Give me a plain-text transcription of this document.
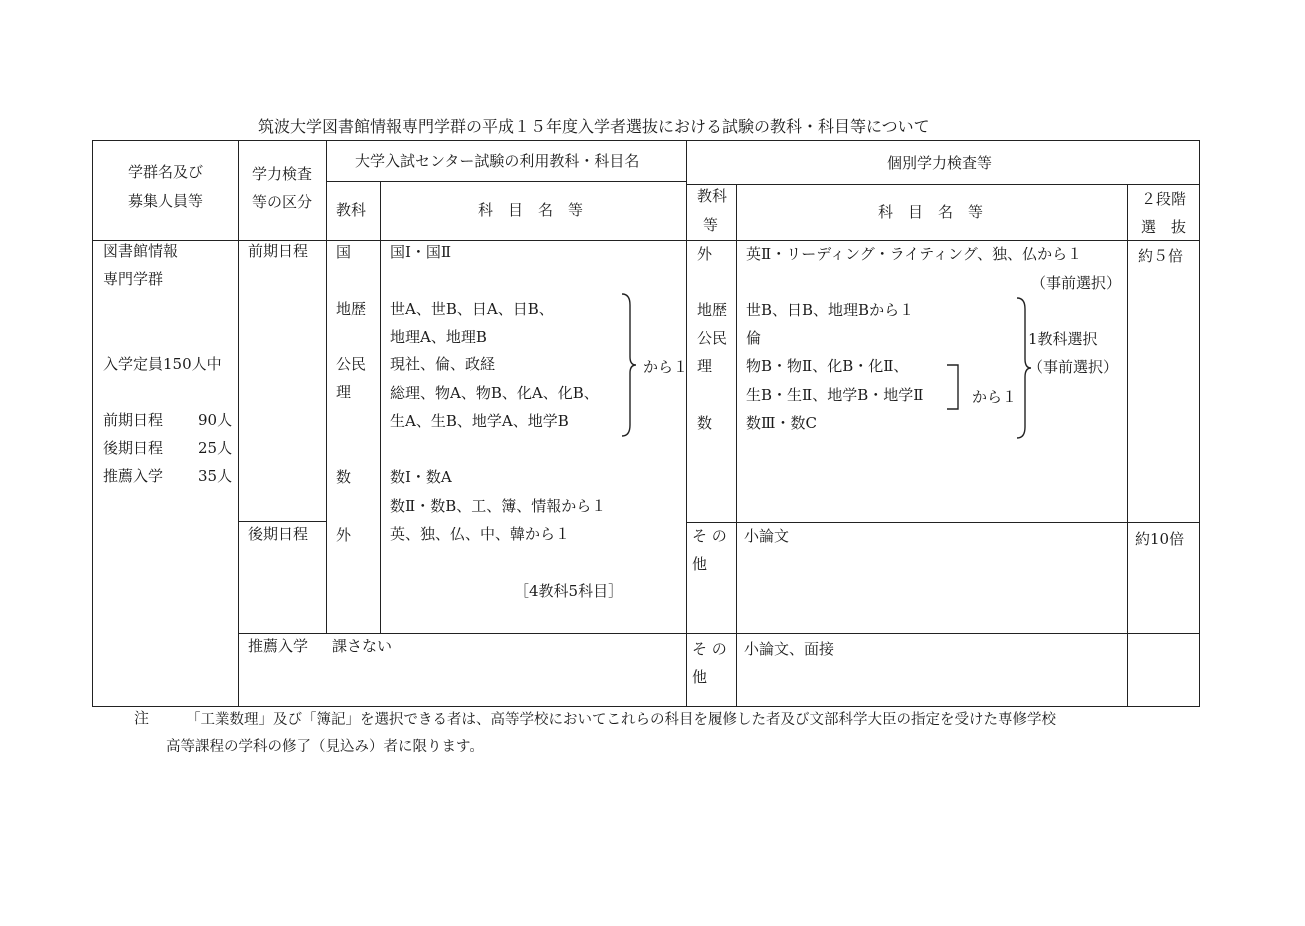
筑波大学図書館情報専門学群の平成１５年度入学者選抜における試験の教科・科目等について
学群名及び
募集人員等
学力検査
等の区分
大学入試センター試験の利用教科・科目名
教科	科　目　名　等
個別学力検査等
教科
等
科　目　名　等
２段階
選　抜
図書館情報
専門学群
入学定員150人中
前期日程 90人
後期日程 25人
推薦入学 35人
前期日程
後期日程
推薦入学
国
地歴
公民
理
数
外
国Ⅰ・国Ⅱ
世A、世B、日A、日B、
地理A、地理B
現社、倫、政経
総理、物A、物B、化A、化B、
生A、生B、地学A、地学B
数Ⅰ・数A
数Ⅱ・数B、工、簿、情報から１
英、独、仏、中、韓から１
から１
［4教科5科目］
課さない
外
地歴
公民
理
数
英Ⅱ・リーディング・ライティング、独、仏から１
（事前選択）
世B、日B、地理Bから１
倫
物B・物Ⅱ、化B・化Ⅱ、
生B・生Ⅱ、地学B・地学Ⅱ
数Ⅲ・数C
から１
1教科選択
（事前選択）
そ の
他
小論文
そ の
他
小論文、面接
約５倍
約10倍
注	「工業数理」及び「簿記」を選択できる者は、高等学校においてこれらの科目を履修した者及び文部科学大臣の指定を受けた専修学校
高等課程の学科の修了（見込み）者に限ります。
